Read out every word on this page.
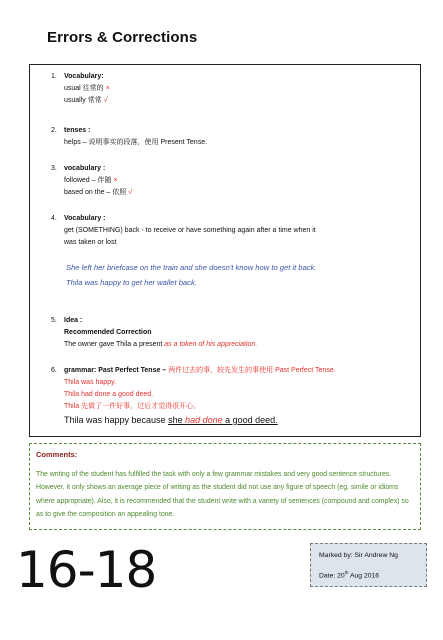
Errors & Corrections
1. Vocabulary:
usual 往常的 ×
usually 常常 √
2. tenses :
helps – 说明事实的段落，使用 Present Tense.
3. vocabulary :
followed – 伴随 ×
based on the – 依照 √
4. Vocabulary :
get (SOMETHING) back - to receive or have something again after a time when it
was taken or lost
She left her briefcase on the train and she doesn't know how to get it back.
Thila was happy to get her wallet back.
5. Idea :
Recommended Correction
The owner gave Thila a present as a token of his appreciation.
6. grammar: Past Perfect Tense – 两件过去的事，较先发生的事使用 Past Perfect Tense.
Thila was happy.
Thila had done a good deed.
Thila 先做了一件好事，过后才觉得很开心。
Thila was happy because she had done a good deed.
Comments:
The writing of the student has fulfilled the task with only a few grammar mistakes and very good sentence structures. However, it only shows an average piece of writing as the student did not use any figure of speech (eg, simile or idioms where appropriate). Also, it is recommended that the student write with a variety of sentences (compound and complex) so as to give the composition an appealing tone.
16-18	Marked by: Sir Andrew Ng
Date: 20th Aug 2016
